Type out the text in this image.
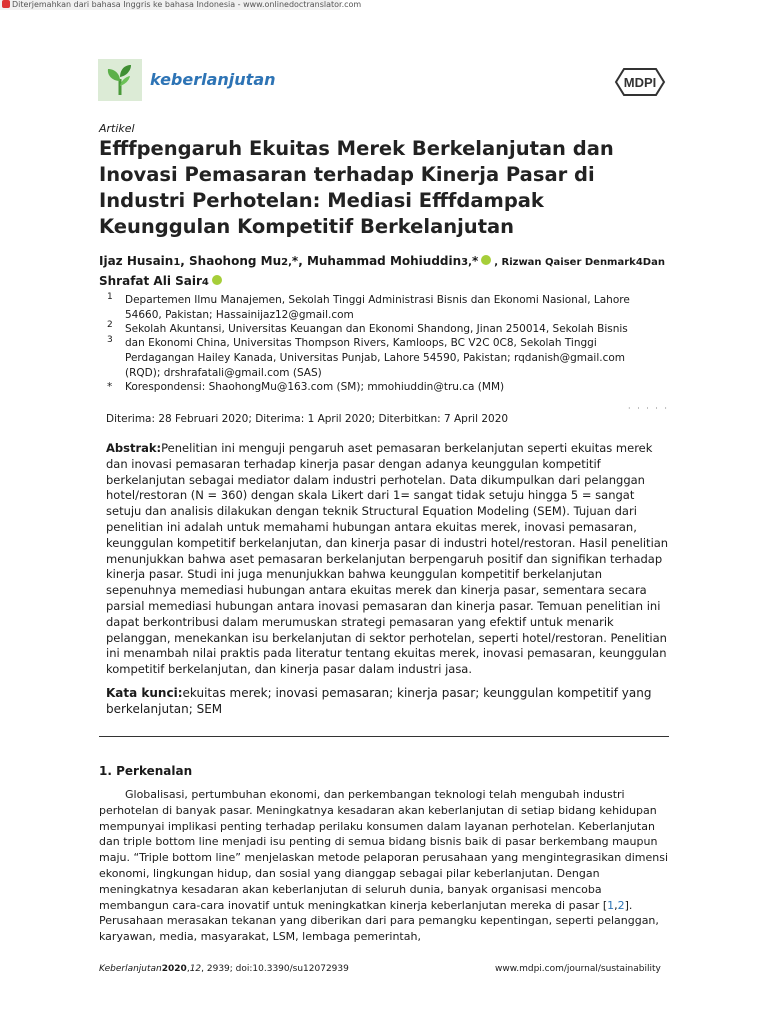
Diterjemahkan dari bahasa Inggris ke bahasa Indonesia - www.onlinedoctranslator.com
keberlanjutan	MDPI
Artikel
Efffpengaruh Ekuitas Merek Berkelanjutan dan Inovasi Pemasaran terhadap Kinerja Pasar di Industri Perhotelan: Mediasi Efffdampak Keunggulan Kompetitif Berkelanjutan
Ijaz Husain1, Shaohong Mu2,*, Muhammad Mohiuddin3,* , Rizwan Qaiser Denmark4Dan
Shrafat Ali Sair4
1 Departemen Ilmu Manajemen, Sekolah Tinggi Administrasi Bisnis dan Ekonomi Nasional, Lahore 54660, Pakistan; Hassainijaz12@gmail.com
2 Sekolah Akuntansi, Universitas Keuangan dan Ekonomi Shandong, Jinan 250014, Sekolah Bisnis
3 dan Ekonomi China, Universitas Thompson Rivers, Kamloops, BC V2C 0C8, Sekolah Tinggi
Perdagangan Hailey Kanada, Universitas Punjab, Lahore 54590, Pakistan; rqdanish@gmail.com (RQD); drshrafatali@gmail.com (SAS)
* Korespondensi: ShaohongMu@163.com (SM); mmohiuddin@tru.ca (MM)
Diterima: 28 Februari 2020; Diterima: 1 April 2020; Diterbitkan: 7 April 2020
· · · · ·
Abstrak:Penelitian ini menguji pengaruh aset pemasaran berkelanjutan seperti ekuitas merek dan inovasi pemasaran terhadap kinerja pasar dengan adanya keunggulan kompetitif berkelanjutan sebagai mediator dalam industri perhotelan. Data dikumpulkan dari pelanggan hotel/restoran (N = 360) dengan skala Likert dari 1= sangat tidak setuju hingga 5 = sangat setuju dan analisis dilakukan dengan teknik Structural Equation Modeling (SEM). Tujuan dari penelitian ini adalah untuk memahami hubungan antara ekuitas merek, inovasi pemasaran, keunggulan kompetitif berkelanjutan, dan kinerja pasar di industri hotel/restoran. Hasil penelitian menunjukkan bahwa aset pemasaran berkelanjutan berpengaruh positif dan signifikan terhadap kinerja pasar. Studi ini juga menunjukkan bahwa keunggulan kompetitif berkelanjutan sepenuhnya memediasi hubungan antara ekuitas merek dan kinerja pasar, sementara secara parsial memediasi hubungan antara inovasi pemasaran dan kinerja pasar. Temuan penelitian ini dapat berkontribusi dalam merumuskan strategi pemasaran yang efektif untuk menarik pelanggan, menekankan isu berkelanjutan di sektor perhotelan, seperti hotel/restoran. Penelitian ini menambah nilai praktis pada literatur tentang ekuitas merek, inovasi pemasaran, keunggulan kompetitif berkelanjutan, dan kinerja pasar dalam industri jasa.
Kata kunci:ekuitas merek; inovasi pemasaran; kinerja pasar; keunggulan kompetitif yang berkelanjutan; SEM
1. Perkenalan
Globalisasi, pertumbuhan ekonomi, dan perkembangan teknologi telah mengubah industri perhotelan di banyak pasar. Meningkatnya kesadaran akan keberlanjutan di setiap bidang kehidupan mempunyai implikasi penting terhadap perilaku konsumen dalam layanan perhotelan. Keberlanjutan dan triple bottom line menjadi isu penting di semua bidang bisnis baik di pasar berkembang maupun maju. “Triple bottom line” menjelaskan metode pelaporan perusahaan yang mengintegrasikan dimensi ekonomi, lingkungan hidup, dan sosial yang dianggap sebagai pilar keberlanjutan. Dengan meningkatnya kesadaran akan keberlanjutan di seluruh dunia, banyak organisasi mencoba membangun cara-cara inovatif untuk meningkatkan kinerja keberlanjutan mereka di pasar [1,2]. Perusahaan merasakan tekanan yang diberikan dari para pemangku kepentingan, seperti pelanggan, karyawan, media, masyarakat, LSM, lembaga pemerintah,
Keberlanjutan2020,12, 2939; doi:10.3390/su12072939	www.mdpi.com/journal/sustainability
